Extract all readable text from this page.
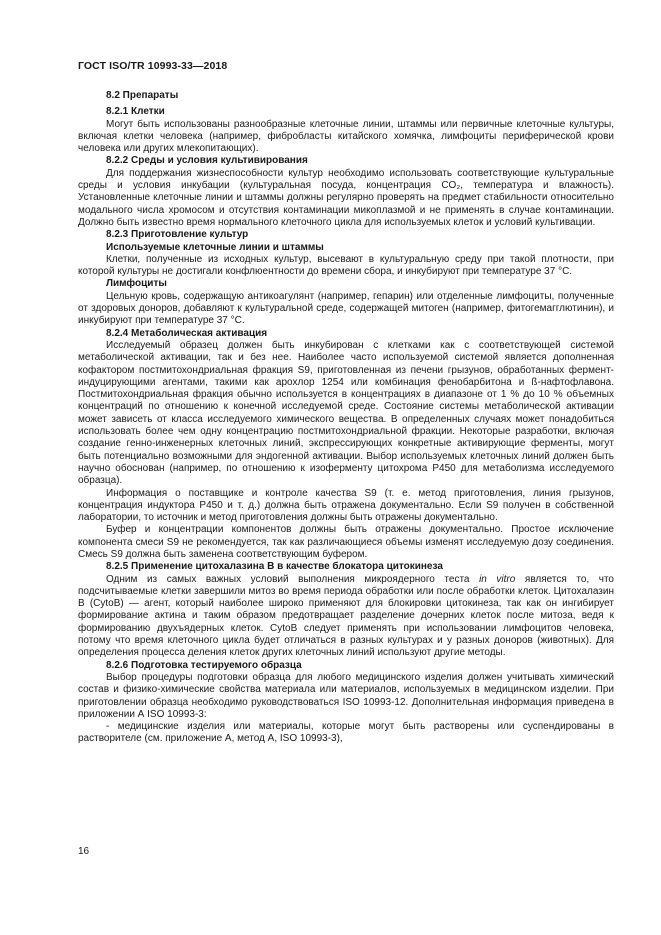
ГОСТ ISO/TR 10993-33—2018

8.2 Препараты

8.2.1 Клетки

Могут быть использованы разнообразные клеточные линии, штаммы или первичные клеточные культуры, включая клетки человека (например, фибробласты китайского хомячка, лимфоциты периферической крови человека или других млекопитающих).

8.2.2 Среды и условия культивирования

Для поддержания жизнеспособности культур необходимо использовать соответствующие культуральные среды и условия инкубации (культуральная посуда, концентрация CO₂, температура и влажность). Установленные клеточные линии и штаммы должны регулярно проверять на предмет стабильности относительно модального числа хромосом и отсутствия контаминации микоплазмой и не применять в случае контаминации. Должно быть известно время нормального клеточного цикла для используемых клеток и условий культивации.

8.2.3 Приготовление культур

Используемые клеточные линии и штаммы

Клетки, полученные из исходных культур, высевают в культуральную среду при такой плотности, при которой культуры не достигали конфлюентности до времени сбора, и инкубируют при температуре 37 °С.

Лимфоциты

Цельную кровь, содержащую антикоагулянт (например, гепарин) или отделенные лимфоциты, полученные от здоровых доноров, добавляют к культуральной среде, содержащей митоген (например, фитогемагглютинин), и инкубируют при температуре 37 °С.

8.2.4 Метаболическая активация

Исследуемый образец должен быть инкубирован с клетками как с соответствующей системой метаболической активации, так и без нее. Наиболее часто используемой системой является дополненная кофактором постмитохондриальная фракция S9, приготовленная из печени грызунов, обработанных фермент-индуцирующими агентами, такими как арохлор 1254 или комбинация фенобарбитона и ß-нафтофлавона. Постмитохондриальная фракция обычно используется в концентрациях в диапазоне от 1 % до 10 % объемных концентраций по отношению к конечной исследуемой среде. Состояние системы метаболической активации может зависеть от класса исследуемого химического вещества. В определенных случаях может понадобиться использовать более чем одну концентрацию постмитохондриальной фракции. Некоторые разработки, включая создание генно-инженерных клеточных линий, экспрессирующих конкретные активирующие ферменты, могут быть потенциально возможными для эндогенной активации. Выбор используемых клеточных линий должен быть научно обоснован (например, по отношению к изоферменту цитохрома P450 для метаболизма исследуемого образца).

Информация о поставщике и контроле качества S9 (т. е. метод приготовления, линия грызунов, концентрация индуктора P450 и т. д.) должна быть отражена документально. Если S9 получен в собственной лаборатории, то источник и метод приготовления должны быть отражены документально.

Буфер и концентрации компонентов должны быть отражены документально. Простое исключение компонента смеси S9 не рекомендуется, так как различающиеся объемы изменят исследуемую дозу соединения. Смесь S9 должна быть заменена соответствующим буфером.

8.2.5 Применение цитохалазина В в качестве блокатора цитокинеза

Одним из самых важных условий выполнения микроядерного теста in vitro является то, что подсчитываемые клетки завершили митоз во время периода обработки или после обработки клеток. Цитохалазин В (CytoB) — агент, который наиболее широко применяют для блокировки цитокинеза, так как он ингибирует формирование актина и таким образом предотвращает разделение дочерних клеток после митоза, ведя к формированию двухъядерных клеток. CytoB следует применять при использовании лимфоцитов человека, потому что время клеточного цикла будет отличаться в разных культурах и у разных доноров (животных). Для определения процесса деления клеток других клеточных линий используют другие методы.

8.2.6 Подготовка тестируемого образца

Выбор процедуры подготовки образца для любого медицинского изделия должен учитывать химический состав и физико-химические свойства материала или материалов, используемых в медицинском изделии. При приготовлении образца необходимо руководствоваться ISO 10993-12. Дополнительная информация приведена в приложении А ISO 10993-3:

- медицинские изделия или материалы, которые могут быть растворены или суспендированы в растворителе (см. приложение А, метод А, ISO 10993-3),

16
